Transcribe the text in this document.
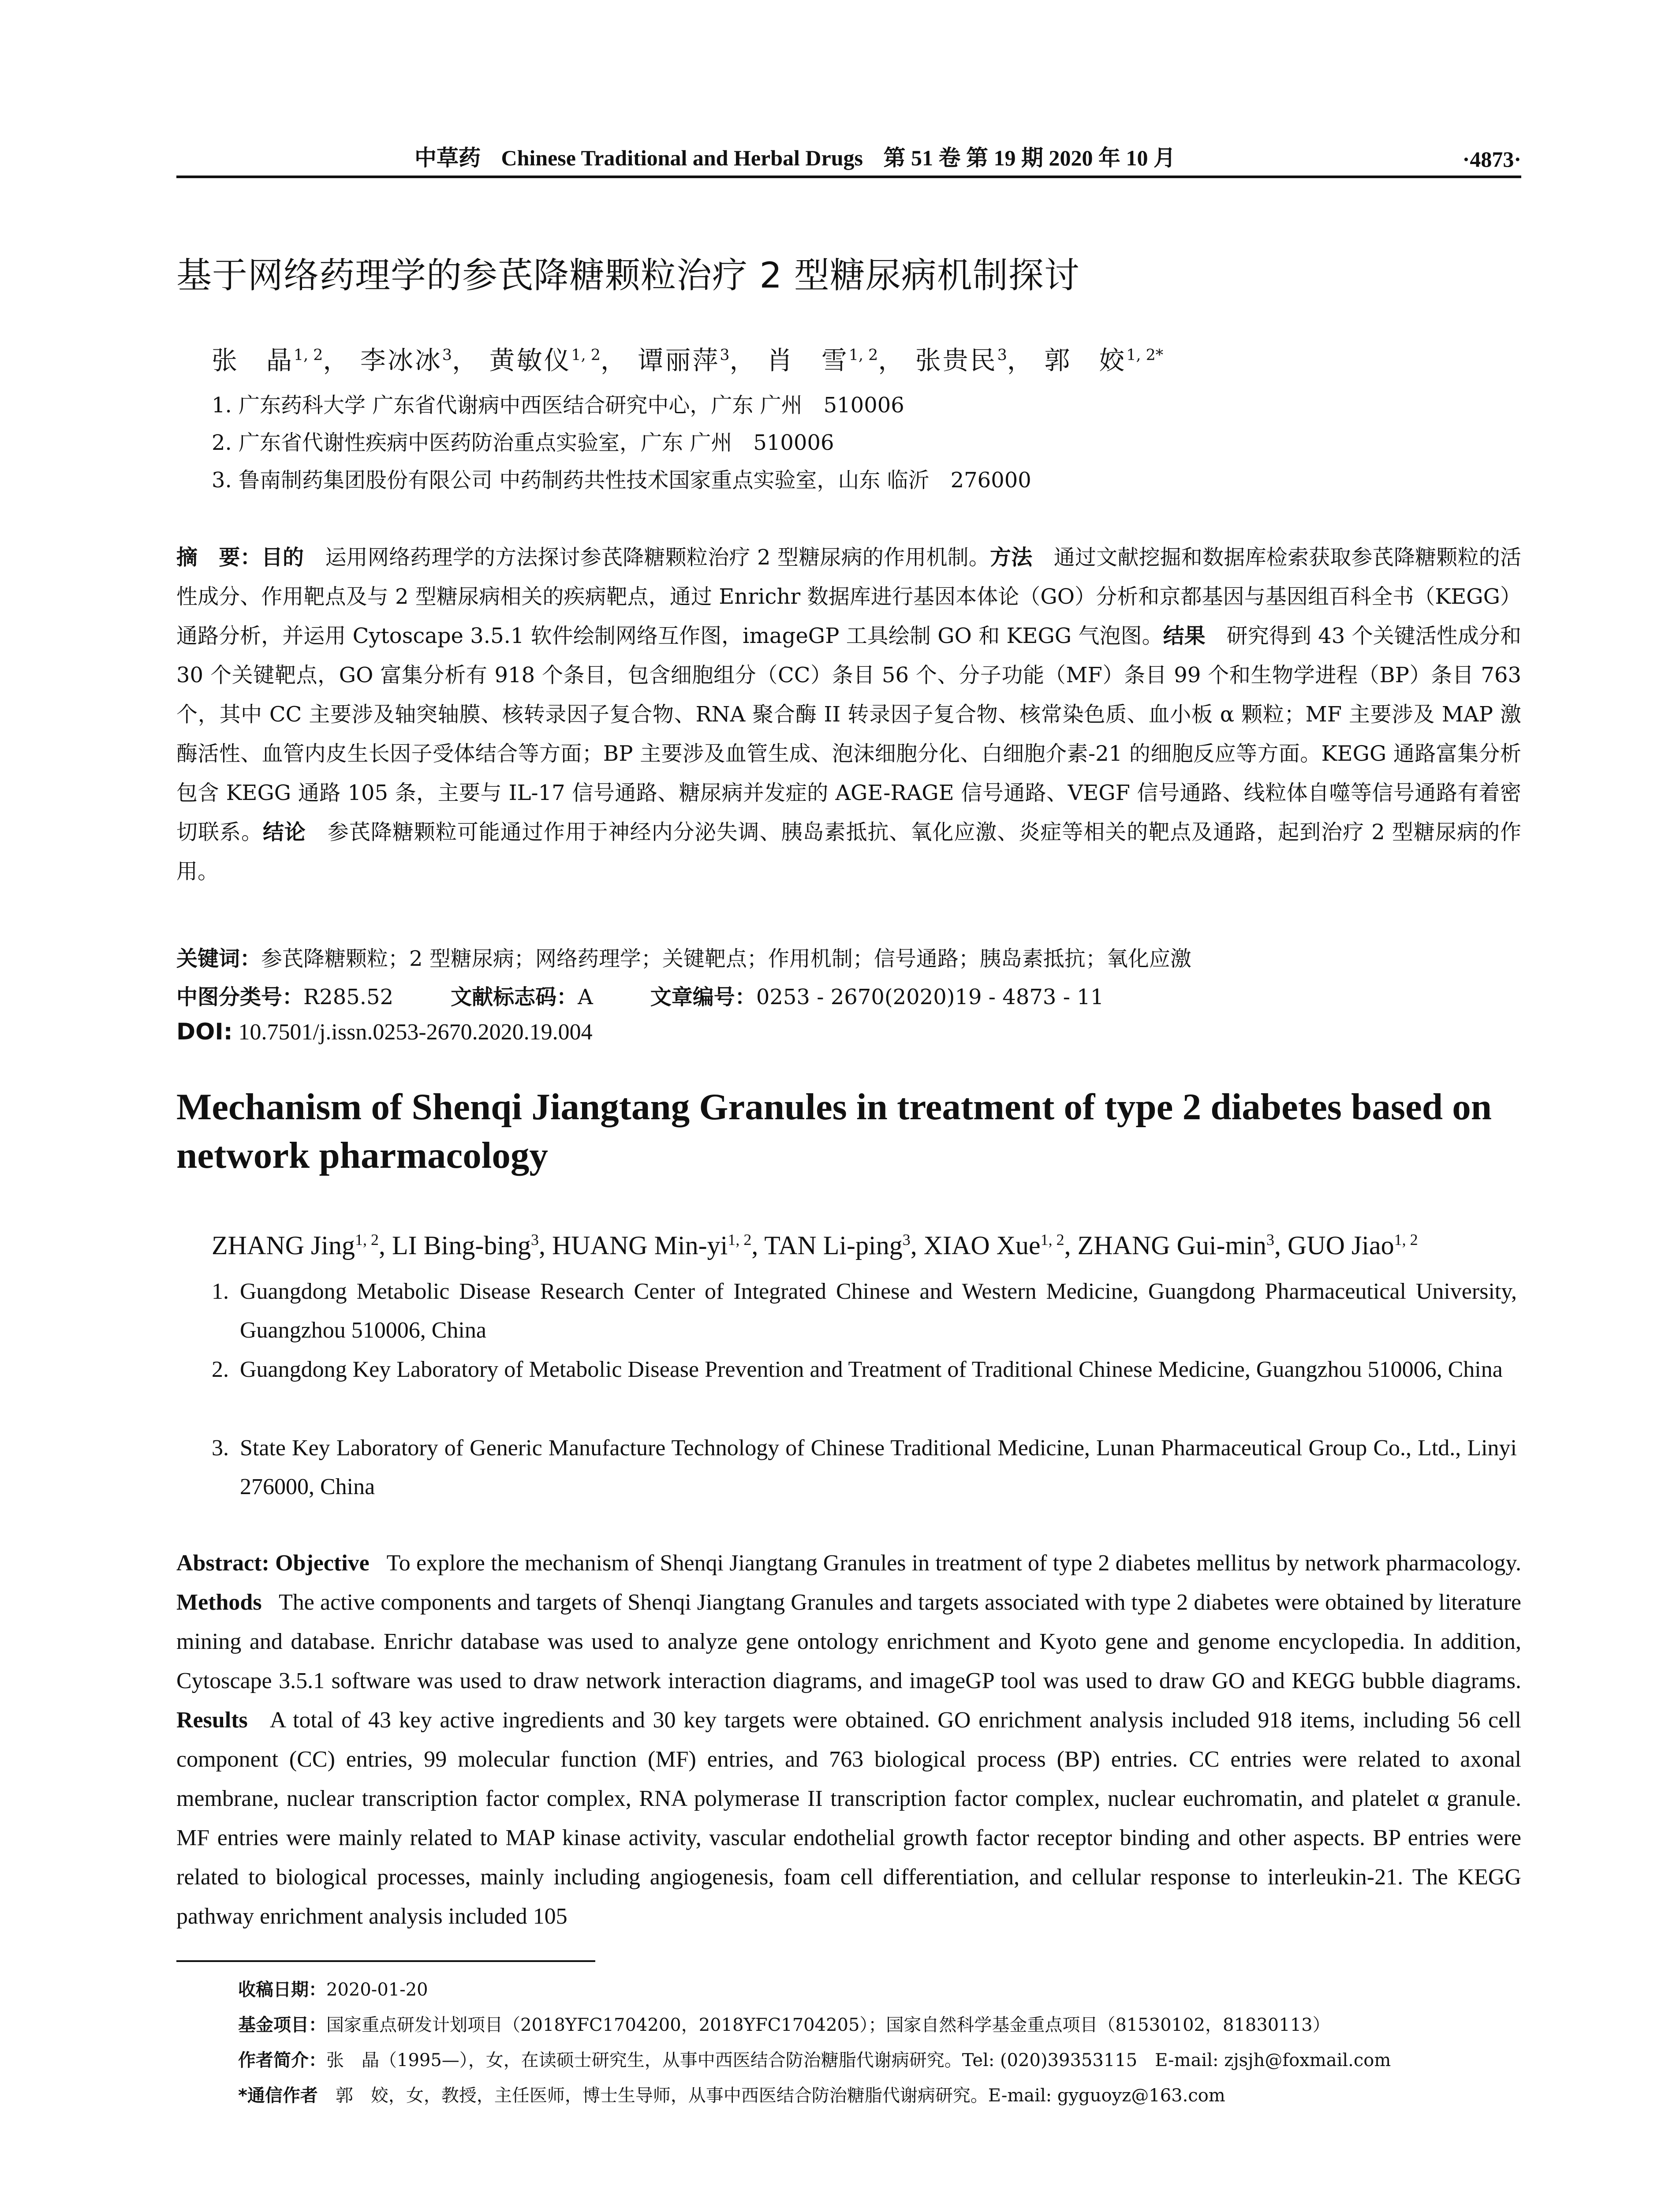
中草药 Chinese Traditional and Herbal Drugs 第 51 卷 第 19 期 2020 年 10 月	·4873·
基于网络药理学的参芪降糖颗粒治疗 2 型糖尿病机制探讨
张　晶$^{1, 2}$， 李冰冰$^3$， 黄敏仪$^{1, 2}$， 谭丽萍$^3$， 肖　雪$^{1, 2}$， 张贵民$^3$， 郭　姣$^{1, 2*}$
1. 广东药科大学 广东省代谢病中西医结合研究中心，广东 广州　510006
2. 广东省代谢性疾病中医药防治重点实验室，广东 广州　510006
3. 鲁南制药集团股份有限公司 中药制药共性技术国家重点实验室，山东 临沂　276000
摘　要：目的　 运用网络药理学的方法探讨参芪降糖颗粒治疗 2 型糖尿病的作用机制。方法　 通过文献挖掘和数据库检索获取参芪降糖颗粒的活性成分、作用靶点及与 2 型糖尿病相关的疾病靶点，通过 Enrichr 数据库进行基因本体论（GO）分析和京都基因与基因组百科全书（KEGG）通路分析，并运用 Cytoscape 3.5.1 软件绘制网络互作图，imageGP 工具绘制 GO 和 KEGG 气泡图。结果　 研究得到 43 个关键活性成分和 30 个关键靶点，GO 富集分析有 918 个条目，包含细胞组分（CC）条目 56 个、分子功能（MF）条目 99 个和生物学进程（BP）条目 763 个，其中 CC 主要涉及轴突轴膜、核转录因子复合物、RNA 聚合酶 II 转录因子复合物、核常染色质、血小板 α 颗粒；MF 主要涉及 MAP 激酶活性、血管内皮生长因子受体结合等方面；BP 主要涉及血管生成、泡沫细胞分化、白细胞介素-21 的细胞反应等方面。KEGG 通路富集分析包含 KEGG 通路 105 条，主要与 IL-17 信号通路、糖尿病并发症的 AGE-RAGE 信号通路、VEGF 信号通路、线粒体自噬等信号通路有着密切联系。结论　 参芪降糖颗粒可能通过作用于神经内分泌失调、胰岛素抵抗、氧化应激、炎症等相关的靶点及通路，起到治疗 2 型糖尿病的作用。
关键词：参芪降糖颗粒；2 型糖尿病；网络药理学；关键靶点；作用机制；信号通路；胰岛素抵抗；氧化应激
中图分类号：R285.52	文献标志码：A	文章编号：0253 - 2670(2020)19 - 4873 - 11
DOI: 10.7501/j.issn.0253-2670.2020.19.004
Mechanism of Shenqi Jiangtang Granules in treatment of type 2 diabetes based on network pharmacology
ZHANG Jing$^{1, 2}$, LI Bing-bing$^3$, HUANG Min-yi$^{1, 2}$, TAN Li-ping$^3$, XIAO Xue$^{1, 2}$, ZHANG Gui-$\min^3$, GUO Jiao$^{1, 2}$
1. Guangdong Metabolic Disease Research Center of Integrated Chinese and Western Medicine, Guangdong Pharmaceutical University, Guangzhou 510006, China
2. Guangdong Key Laboratory of Metabolic Disease Prevention and Treatment of Traditional Chinese Medicine, Guangzhou 510006, China
3. State Key Laboratory of Generic Manufacture Technology of Chinese Traditional Medicine, Lunan Pharmaceutical Group Co., Ltd., Linyi 276000, China
Abstract: Objective To explore the mechanism of Shenqi Jiangtang Granules in treatment of type 2 diabetes mellitus by network pharmacology. Methods The active components and targets of Shenqi Jiangtang Granules and targets associated with type 2 diabetes were obtained by literature mining and database. Enrichr database was used to analyze gene ontology enrichment and Kyoto gene and genome encyclopedia. In addition, Cytoscape 3.5.1 software was used to draw network interaction diagrams, and imageGP tool was used to draw GO and KEGG bubble diagrams. Results A total of 43 key active ingredients and 30 key targets were obtained. GO enrichment analysis included 918 items, including 56 cell component (CC) entries, 99 molecular function (MF) entries, and 763 biological process (BP) entries. CC entries were related to axonal membrane, nuclear transcription factor complex, RNA polymerase II transcription factor complex, nuclear euchromatin, and platelet α granule. MF entries were mainly related to MAP kinase activity, vascular endothelial growth factor receptor binding and other aspects. BP entries were related to biological processes, mainly including angiogenesis, foam cell differentiation, and cellular response to interleukin-21. The KEGG pathway enrichment analysis included 105
收稿日期：2020-01-20
基金项目：国家重点研发计划项目（2018YFC1704200，2018YFC1704205）；国家自然科学基金重点项目（81530102，81830113）
作者简介：张　晶（1995—），女，在读硕士研究生，从事中西医结合防治糖脂代谢病研究。Tel: (020)39353115　E-mail: zjsjh@foxmail.com
*通信作者　郭　姣，女，教授，主任医师，博士生导师，从事中西医结合防治糖脂代谢病研究。E-mail: gyguoyz@163.com
